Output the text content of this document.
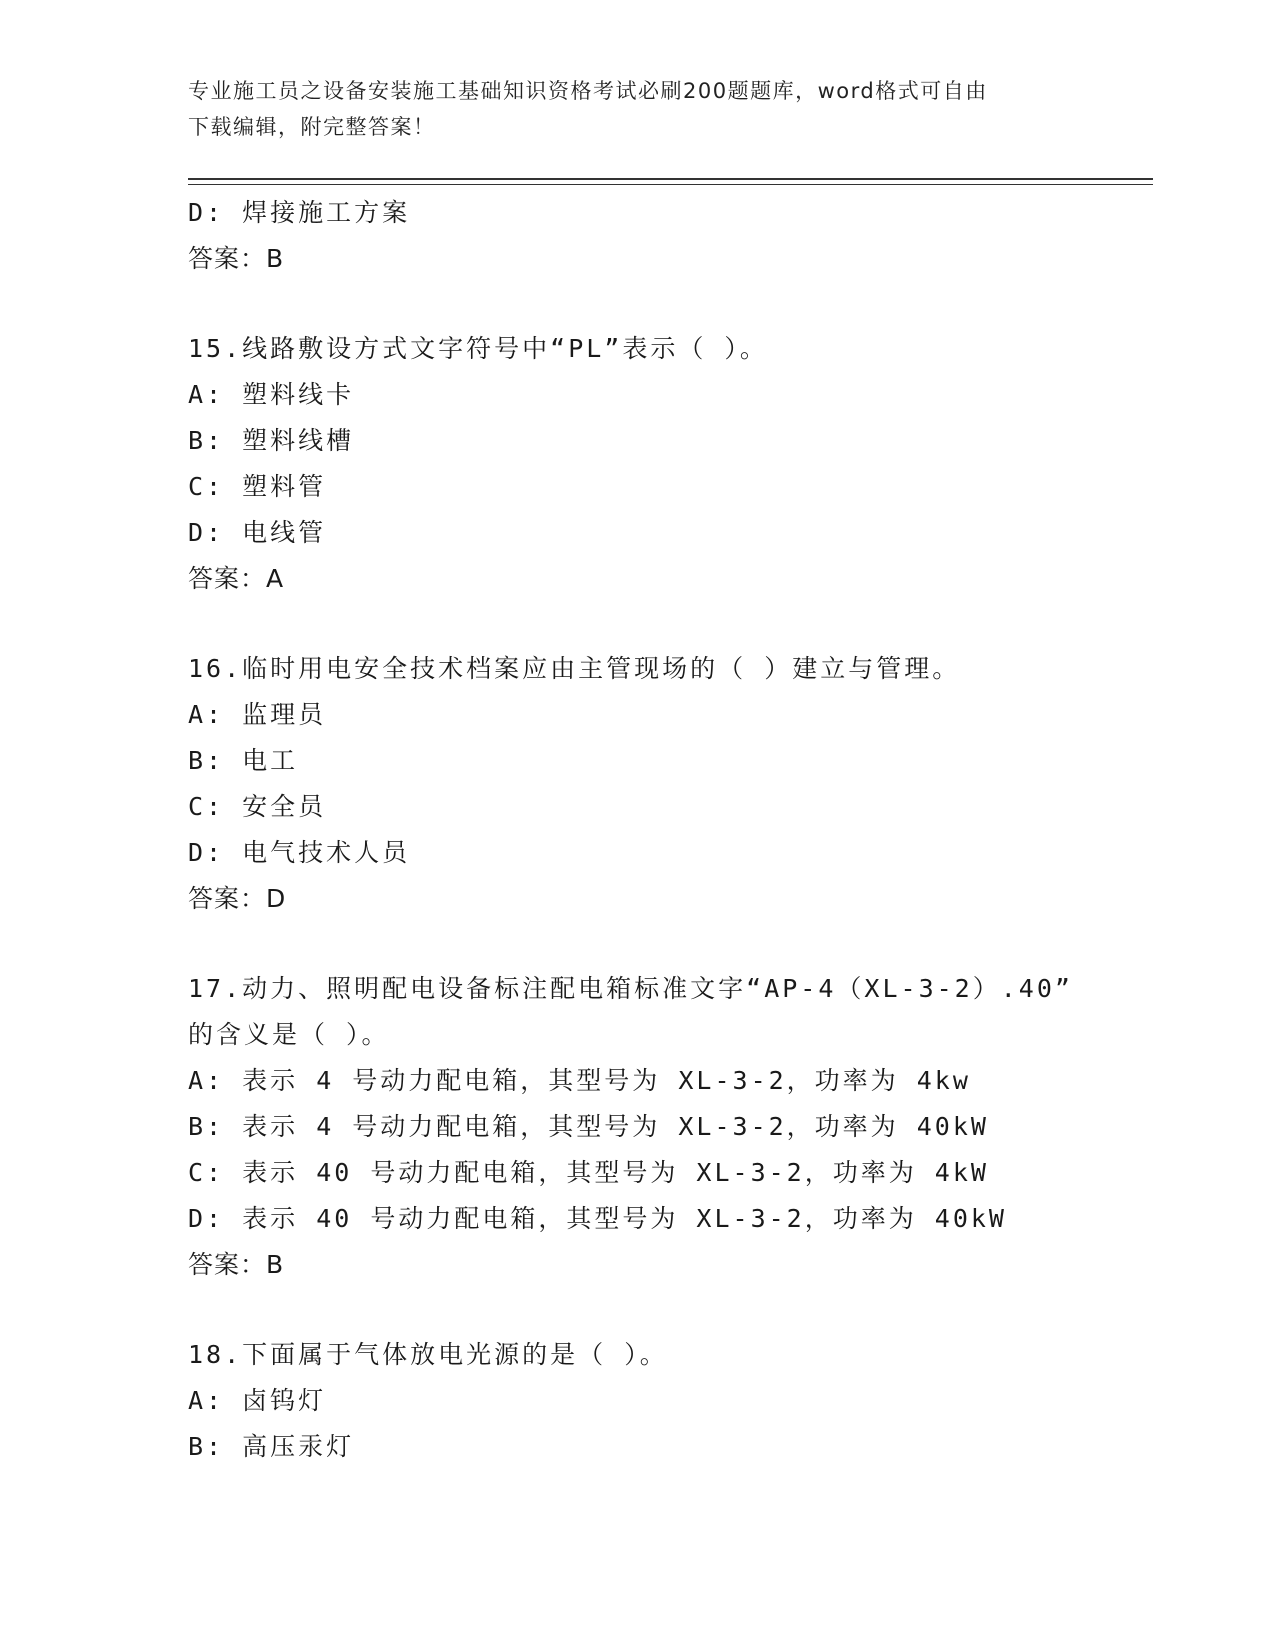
专业施工员之设备安装施工基础知识资格考试必刷200题题库，word格式可自由
下载编辑，附完整答案！
D: 焊接施工方案
答案：B
15.线路敷设方式文字符号中“PL”表示（ ）。
A: 塑料线卡
B: 塑料线槽
C: 塑料管
D: 电线管
答案：A
16.临时用电安全技术档案应由主管现场的（ ）建立与管理。
A: 监理员
B: 电工
C: 安全员
D: 电气技术人员
答案：D
17.动力、照明配电设备标注配电箱标准文字“AP-4（XL-3-2）.40”
的含义是（ ）。
A: 表示 4 号动力配电箱，其型号为 XL-3-2，功率为 4kw
B: 表示 4 号动力配电箱，其型号为 XL-3-2，功率为 40kW
C: 表示 40 号动力配电箱，其型号为 XL-3-2，功率为 4kW
D: 表示 40 号动力配电箱，其型号为 XL-3-2，功率为 40kW
答案：B
18.下面属于气体放电光源的是（ ）。
A: 卤钨灯
B: 高压汞灯
